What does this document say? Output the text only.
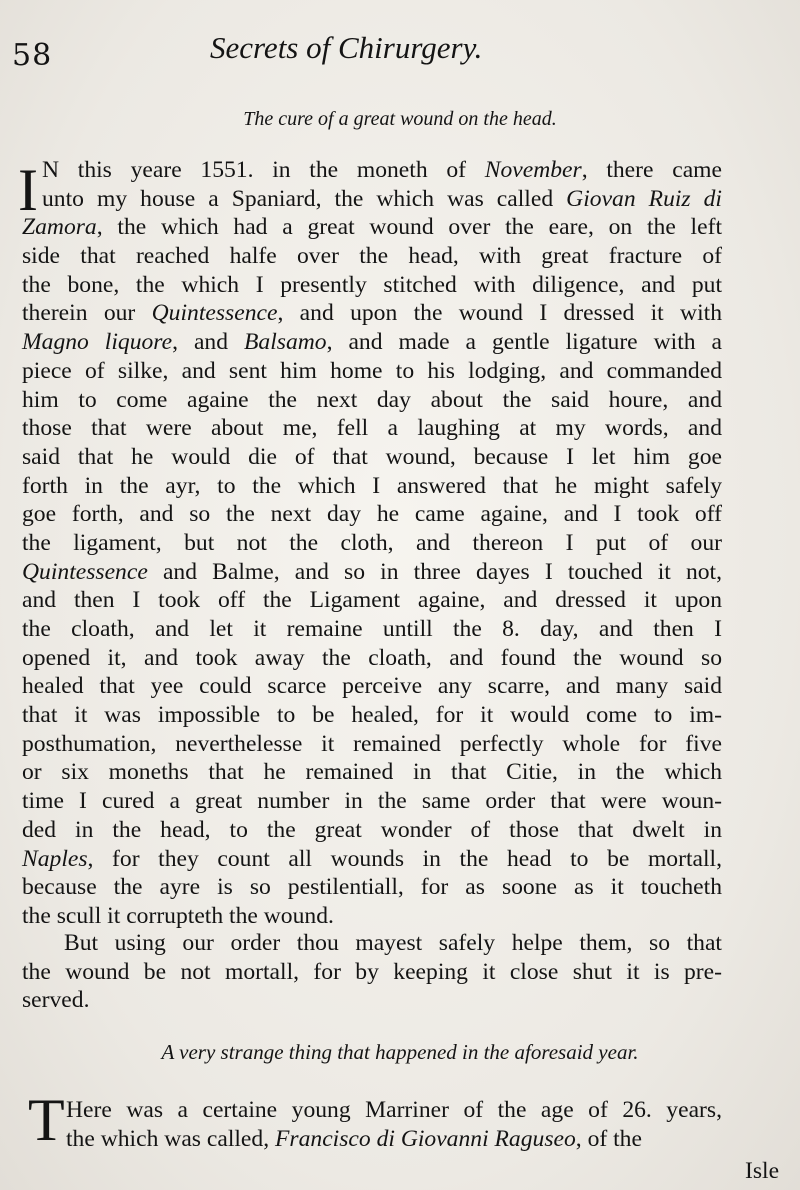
58	Secrets of Chirurgery.
The cure of a great wound on the head.
I N this yeare 1551. in the moneth of November, there came
unto my house a Spaniard, the which was called Giovan Ruiz di
Zamora, the which had a great wound over the eare, on the left
side that reached halfe over the head, with great fracture of
the bone, the which I presently stitched with diligence, and put
therein our Quintessence, and upon the wound I dressed it with
Magno liquore, and Balsamo, and made a gentle ligature with a
piece of silke, and sent him home to his lodging, and commanded
him to come againe the next day about the said houre, and
those that were about me, fell a laughing at my words, and
said that he would die of that wound, because I let him goe
forth in the ayr, to the which I answered that he might safely
goe forth, and so the next day he came againe, and I took off
the ligament, but not the cloth, and thereon I put of our
Quintessence and Balme, and so in three dayes I touched it not,
and then I took off the Ligament againe, and dressed it upon
the cloath, and let it remaine untill the 8. day, and then I
opened it, and took away the cloath, and found the wound so
healed that yee could scarce perceive any scarre, and many said
that it was impossible to be healed, for it would come to im-
posthumation, neverthelesse it remained perfectly whole for five
or six moneths that he remained in that Citie, in the which
time I cured a great number in the same order that were woun-
ded in the head, to the great wonder of those that dwelt in
Naples, for they count all wounds in the head to be mortall,
because the ayre is so pestilentiall, for as soone as it toucheth
the scull it corrupteth the wound.
But using our order thou mayest safely helpe them, so that
the wound be not mortall, for by keeping it close shut it is pre-
served.
A very strange thing that happened in the aforesaid year.
T Here was a certaine young Marriner of the age of 26. years,
the which was called, Francisco di Giovanni Raguseo, of the
Isle
